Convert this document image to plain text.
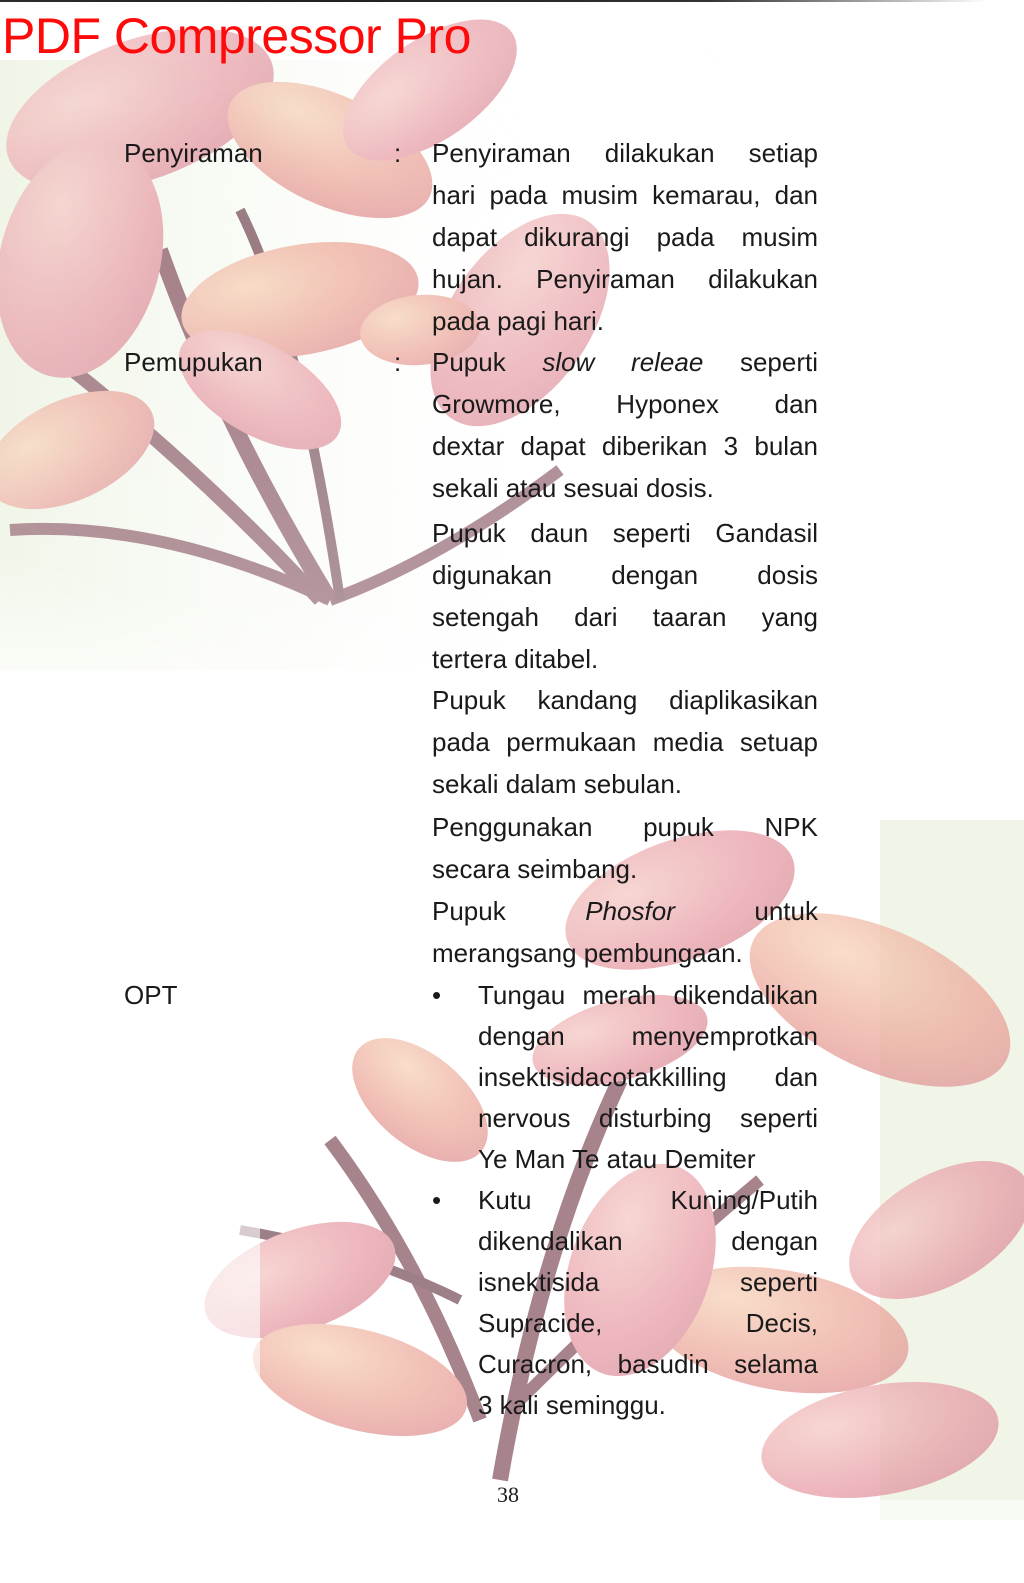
PDF Compressor Pro
Penyiraman	: Penyiraman dilakukan setiap
hari pada musim kemarau, dan
dapat dikurangi pada musim
hujan. Penyiraman dilakukan
pada pagi hari.
Pemupukan	: Pupuk slow releae seperti
Growmore, Hyponex dan
dextar dapat diberikan 3 bulan
sekali atau sesuai dosis.
Pupuk daun seperti Gandasil
digunakan dengan dosis
setengah dari taaran yang
tertera ditabel.
Pupuk kandang diaplikasikan
pada permukaan media setuap
sekali dalam sebulan.
Penggunakan pupuk NPK
secara seimbang.
Pupuk	Phosfor	untuk
merangsang pembungaan.
OPT	• Tungau merah dikendalikan
dengan menyemprotkan
insektisidacotakkilling dan
nervous disturbing seperti
Ye Man Te atau Demiter
• Kutu Kuning/Putih
dikendalikan dengan
isnektisida seperti
Supracide, Decis,
Curacron, basudin selama
3 kali seminggu.
38
